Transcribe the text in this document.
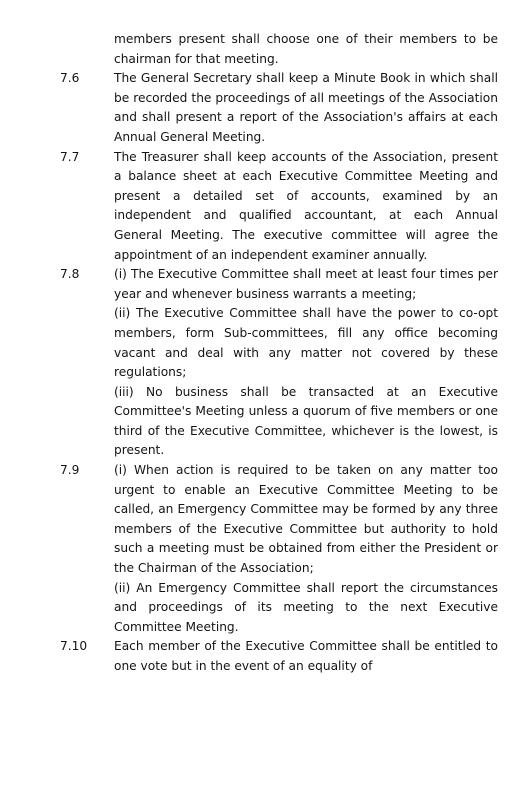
members present shall choose one of their members to be chairman for that meeting.

7.6	The General Secretary shall keep a Minute Book in which shall be recorded the proceedings of all meetings of the Association and shall present a report of the Association's affairs at each Annual General Meeting.

7.7	The Treasurer shall keep accounts of the Association, present a balance sheet at each Executive Committee Meeting and present a detailed set of accounts, examined by an independent and qualified accountant, at each Annual General Meeting. The executive committee will agree the appointment of an independent examiner annually.

7.8	(i) The Executive Committee shall meet at least four times per year and whenever business warrants a meeting;

(ii) The Executive Committee shall have the power to co-opt members, form Sub-committees, fill any office becoming vacant and deal with any matter not covered by these regulations;

(iii) No business shall be transacted at an Executive Committee's Meeting unless a quorum of five members or one third of the Executive Committee, whichever is the lowest, is present.

7.9	(i) When action is required to be taken on any matter too urgent to enable an Executive Committee Meeting to be called, an Emergency Committee may be formed by any three members of the Executive Committee but authority to hold such a meeting must be obtained from either the President or the Chairman of the Association;

(ii) An Emergency Committee shall report the circumstances and proceedings of its meeting to the next Executive Committee Meeting.

7.10	Each member of the Executive Committee shall be entitled to one vote but in the event of an equality of
